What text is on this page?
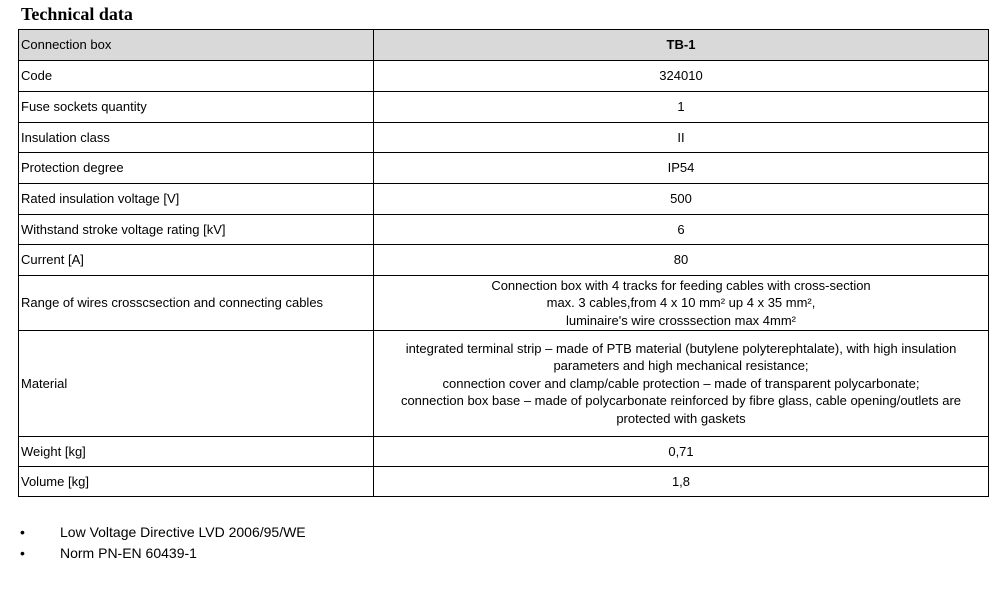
Technical data
Connection box	TB-1
Code	324010
Fuse sockets quantity	1
Insulation class	II
Protection degree	IP54
Rated insulation voltage [V]	500
Withstand stroke voltage rating [kV]	6
Current [A]	80
Range of wires crosscsection and connecting cables	Connection box with 4 tracks for feeding cables with cross-section
max. 3 cables,from 4 x 10 mm² up 4 x 35 mm²,
luminaire's wire crosssection max 4mm²
Material	integrated terminal strip – made of PTB material (butylene polyterephtalate), with high insulation
parameters and high mechanical resistance;
connection cover and clamp/cable protection – made of transparent polycarbonate;
connection box base – made of polycarbonate reinforced by fibre glass, cable opening/outlets are
protected with gaskets
Weight [kg]	0,71
Volume [kg]	1,8
•	Low Voltage Directive LVD 2006/95/WE
•	Norm PN-EN 60439-1
